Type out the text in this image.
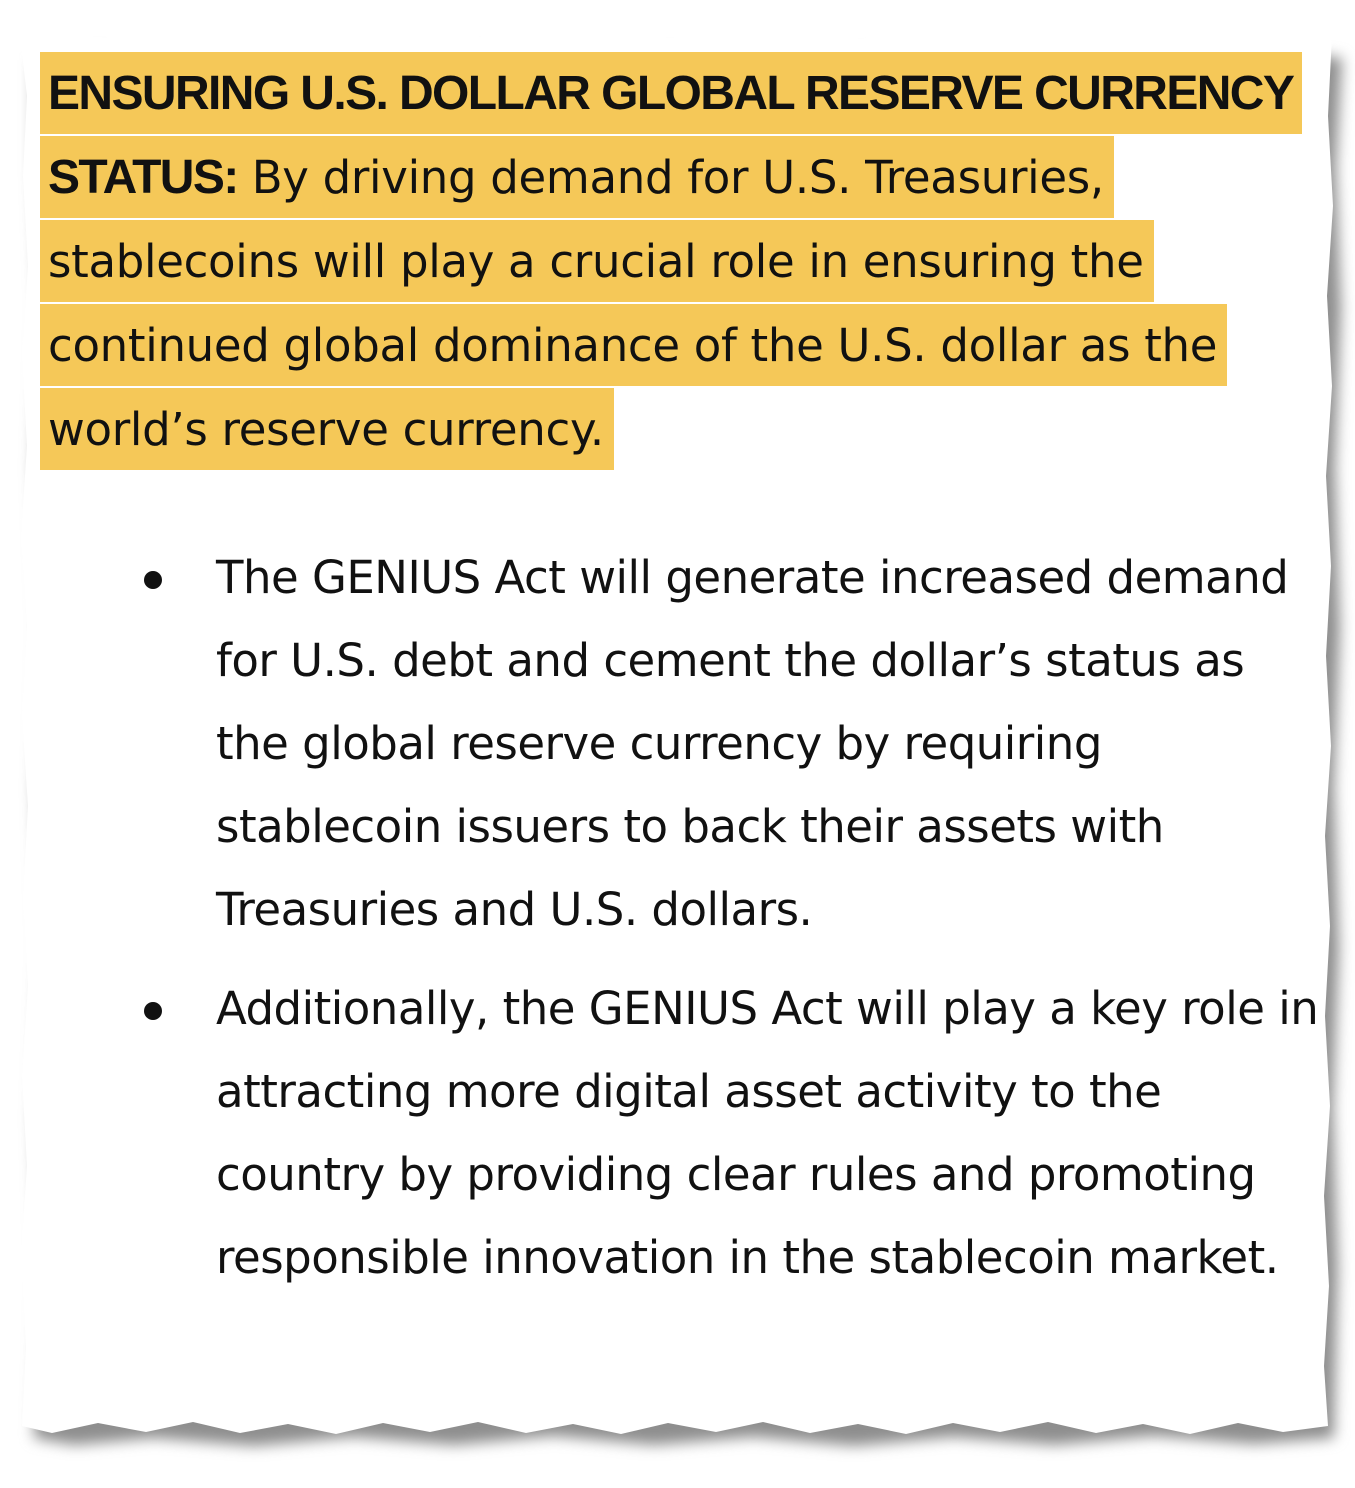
ENSURING U.S. DOLLAR GLOBAL RESERVE CURRENCY STATUS: By driving demand for U.S. Treasuries, stablecoins will play a crucial role in ensuring the continued global dominance of the U.S. dollar as the world’s reserve currency.

The GENIUS Act will generate increased demand for U.S. debt and cement the dollar’s status as the global reserve currency by requiring stablecoin issuers to back their assets with Treasuries and U.S. dollars.
Additionally, the GENIUS Act will play a key role in attracting more digital asset activity to the country by providing clear rules and promoting responsible innovation in the stablecoin market.
